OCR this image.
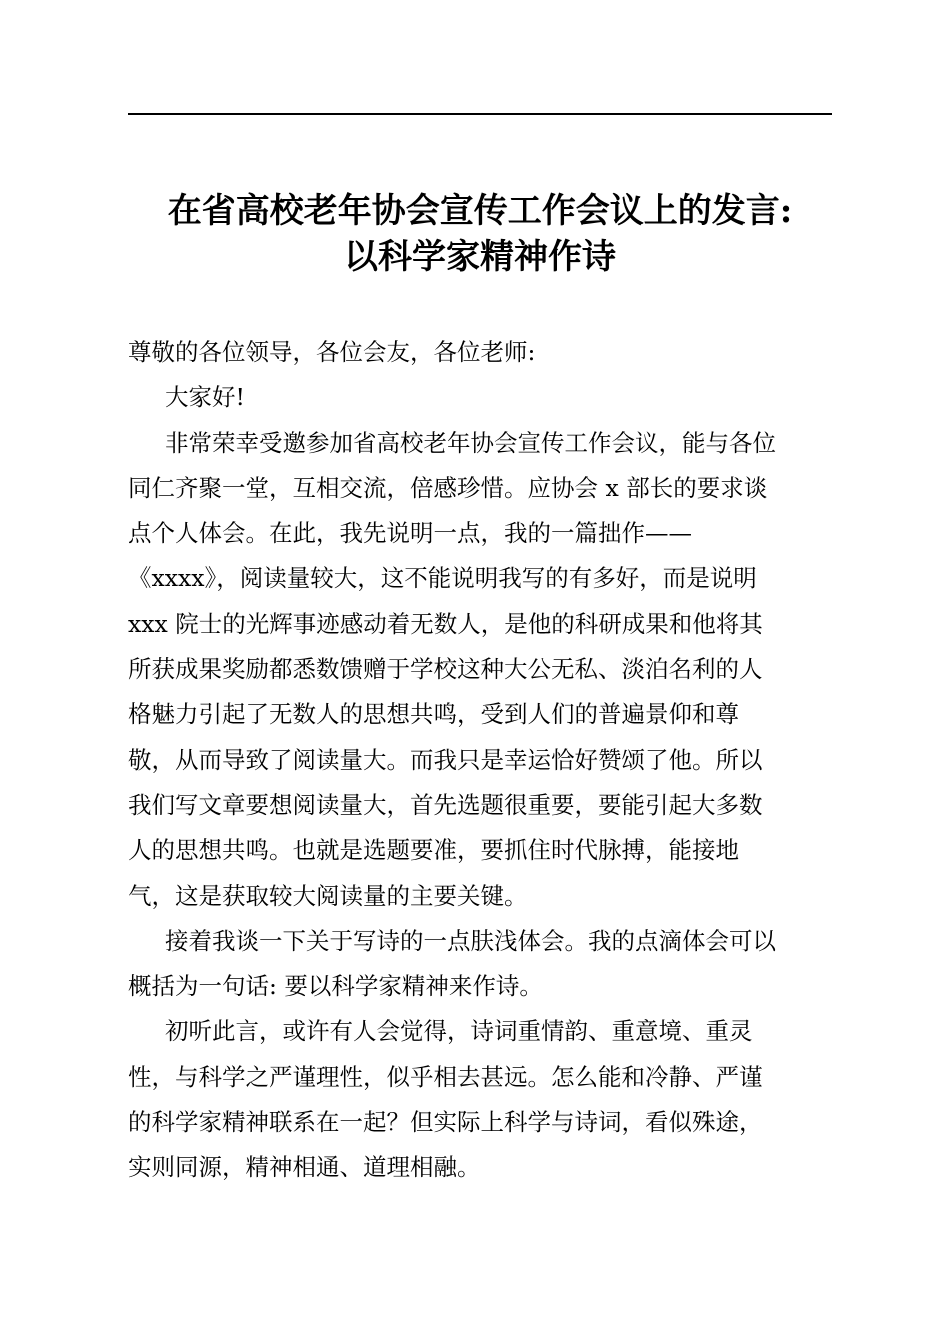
在省高校老年协会宣传工作会议上的发言:
以科学家精神作诗
尊敬的各位领导，各位会友，各位老师:
大家好!
非常荣幸受邀参加省高校老年协会宣传工作会议，能与各位
同仁齐聚一堂，互相交流，倍感珍惜。应协会 x 部长的要求谈
点个人体会。在此，我先说明一点，我的一篇拙作——
《xxxx》，阅读量较大，这不能说明我写的有多好，而是说明
xxx 院士的光辉事迹感动着无数人，是他的科研成果和他将其
所获成果奖励都悉数馈赠于学校这种大公无私、淡泊名利的人
格魅力引起了无数人的思想共鸣，受到人们的普遍景仰和尊
敬，从而导致了阅读量大。而我只是幸运恰好赞颂了他。所以
我们写文章要想阅读量大，首先选题很重要，要能引起大多数
人的思想共鸣。也就是选题要准，要抓住时代脉搏，能接地
气，这是获取较大阅读量的主要关键。
接着我谈一下关于写诗的一点肤浅体会。我的点滴体会可以
概括为一句话: 要以科学家精神来作诗。
初听此言，或许有人会觉得，诗词重情韵、重意境、重灵
性，与科学之严谨理性，似乎相去甚远。怎么能和冷静、严谨
的科学家精神联系在一起？但实际上科学与诗词，看似殊途，
实则同源，精神相通、道理相融。
